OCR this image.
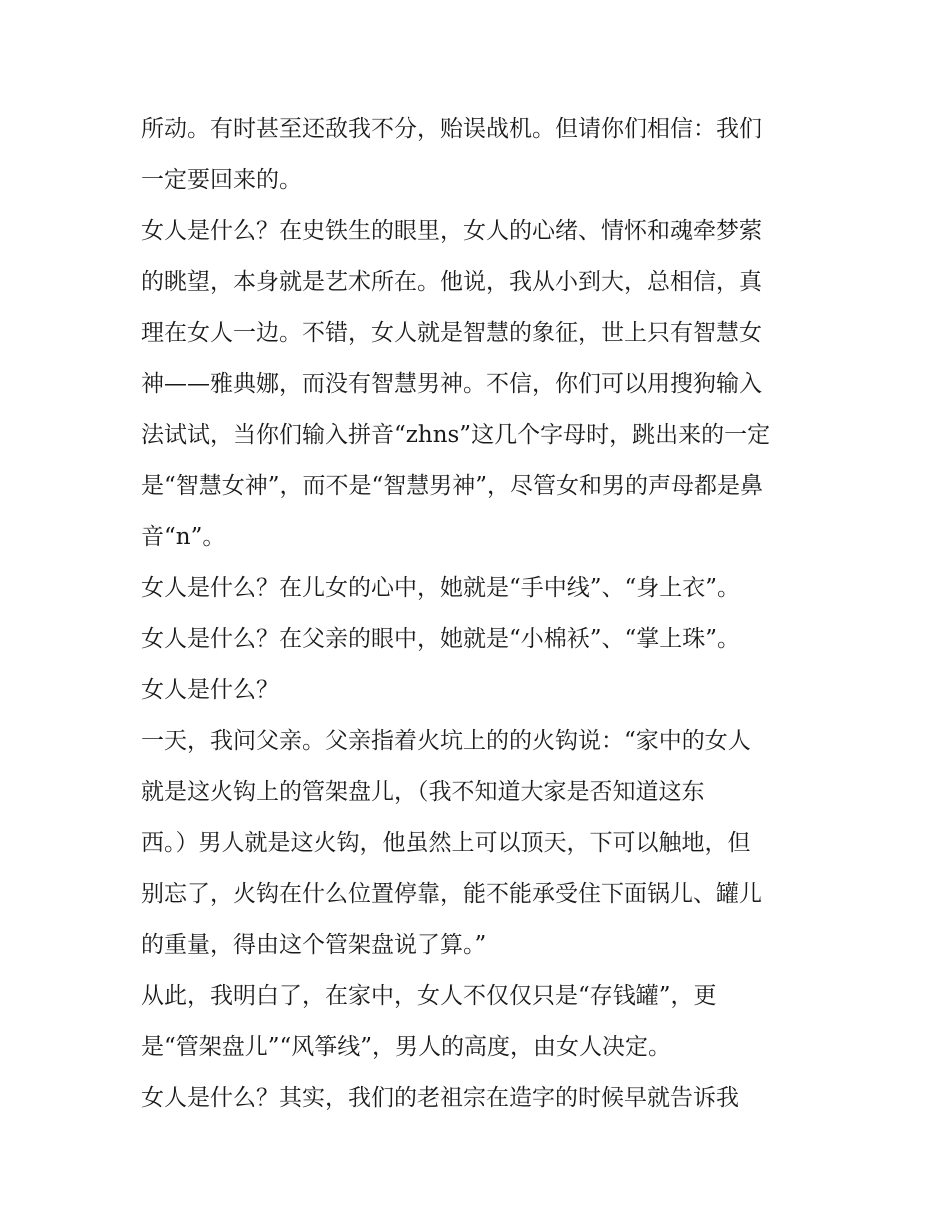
所动。有时甚至还敌我不分，贻误战机。但请你们相信：我们
一定要回来的。
女人是什么？在史铁生的眼里，女人的心绪、情怀和魂牵梦萦
的眺望，本身就是艺术所在。他说，我从小到大，总相信，真
理在女人一边。不错，女人就是智慧的象征，世上只有智慧女
神——雅典娜，而没有智慧男神。不信，你们可以用搜狗输入
法试试，当你们输入拼音“zhns”这几个字母时，跳出来的一定
是“智慧女神”，而不是“智慧男神”，尽管女和男的声母都是鼻
音“n”。
女人是什么？在儿女的心中，她就是“手中线”、“身上衣”。
女人是什么？在父亲的眼中，她就是“小棉袄”、“掌上珠”。
女人是什么？
一天，我问父亲。父亲指着火坑上的的火钩说：“家中的女人
就是这火钩上的管架盘儿，（我不知道大家是否知道这东
西。）男人就是这火钩，他虽然上可以顶天，下可以触地，但
别忘了，火钩在什么位置停靠，能不能承受住下面锅儿、罐儿
的重量，得由这个管架盘说了算。”
从此，我明白了，在家中，女人不仅仅只是“存钱罐”，更
是“管架盘儿”“风筝线”，男人的高度，由女人决定。
女人是什么？其实，我们的老祖宗在造字的时候早就告诉我
